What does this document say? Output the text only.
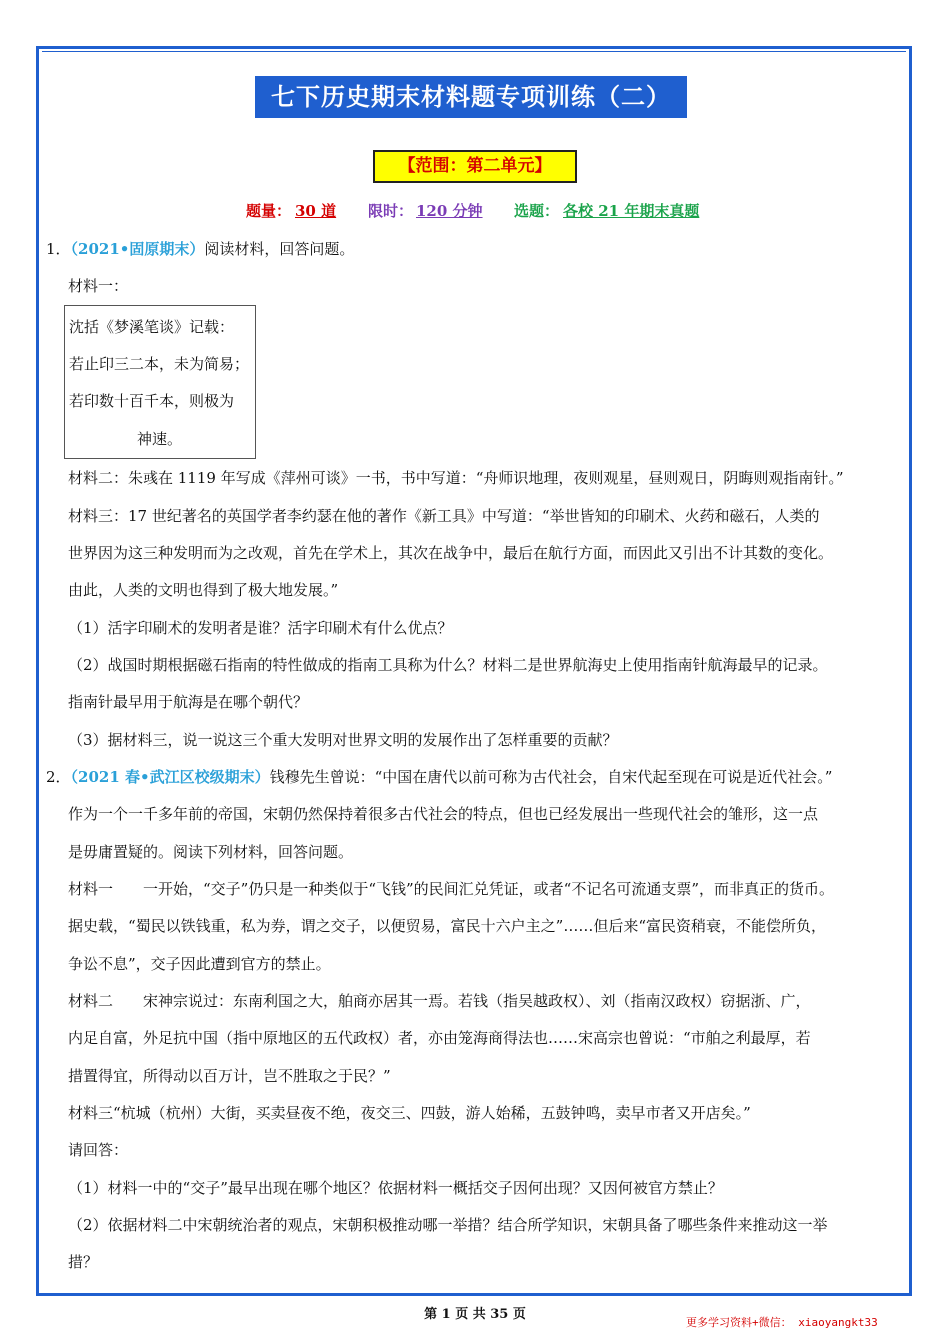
七下历史期末材料题专项训练（二）
【范围：第二单元】
题量： 30 道 限时： 120 分钟 选题： 各校 21 年期末真题
1．（2021•固原期末）阅读材料，回答问题。
材料一：
沈括《梦溪笔谈》记载：
若止印三二本，未为简易；
若印数十百千本，则极为
神速。
材料二：朱彧在 1119 年写成《萍州可谈》一书，书中写道：“舟师识地理，夜则观星，昼则观日，阴晦则观指南针。”
材料三：17 世纪著名的英国学者李约瑟在他的著作《新工具》中写道：“举世皆知的印刷术、火药和磁石，人类的
世界因为这三种发明而为之改观，首先在学术上，其次在战争中，最后在航行方面，而因此又引出不计其数的变化。
由此，人类的文明也得到了极大地发展。”
（1）活字印刷术的发明者是谁？活字印刷术有什么优点？
（2）战国时期根据磁石指南的特性做成的指南工具称为什么？材料二是世界航海史上使用指南针航海最早的记录。
指南针最早用于航海是在哪个朝代？
（3）据材料三，说一说这三个重大发明对世界文明的发展作出了怎样重要的贡献？
2．（2021 春•武江区校级期末）钱穆先生曾说：“中国在唐代以前可称为古代社会，自宋代起至现在可说是近代社会。”
作为一个一千多年前的帝国，宋朝仍然保持着很多古代社会的特点，但也已经发展出一些现代社会的雏形，这一点
是毋庸置疑的。阅读下列材料，回答问题。
材料一　　一开始，“交子”仍只是一种类似于“飞钱”的民间汇兑凭证，或者“不记名可流通支票”，而非真正的货币。
据史载，“蜀民以铁钱重，私为券，谓之交子，以便贸易，富民十六户主之”……但后来“富民资稍衰，不能偿所负，
争讼不息”，交子因此遭到官方的禁止。
材料二　　宋神宗说过：东南利国之大，舶商亦居其一焉。若钱（指吴越政权）、刘（指南汉政权）窃据浙、广，
内足自富，外足抗中国（指中原地区的五代政权）者，亦由笼海商得法也……宋高宗也曾说：“市舶之利最厚，若
措置得宜，所得动以百万计，岂不胜取之于民？”
材料三“杭城（杭州）大街，买卖昼夜不绝，夜交三、四鼓，游人始稀，五鼓钟鸣，卖早市者又开店矣。”
请回答：
（1）材料一中的“交子”最早出现在哪个地区？依据材料一概括交子因何出现？又因何被官方禁止？
（2）依据材料二中宋朝统治者的观点，宋朝积极推动哪一举措？结合所学知识，宋朝具备了哪些条件来推动这一举
措？
第 1 页 共 35 页
更多学习资料+微信： xiaoyangkt33
